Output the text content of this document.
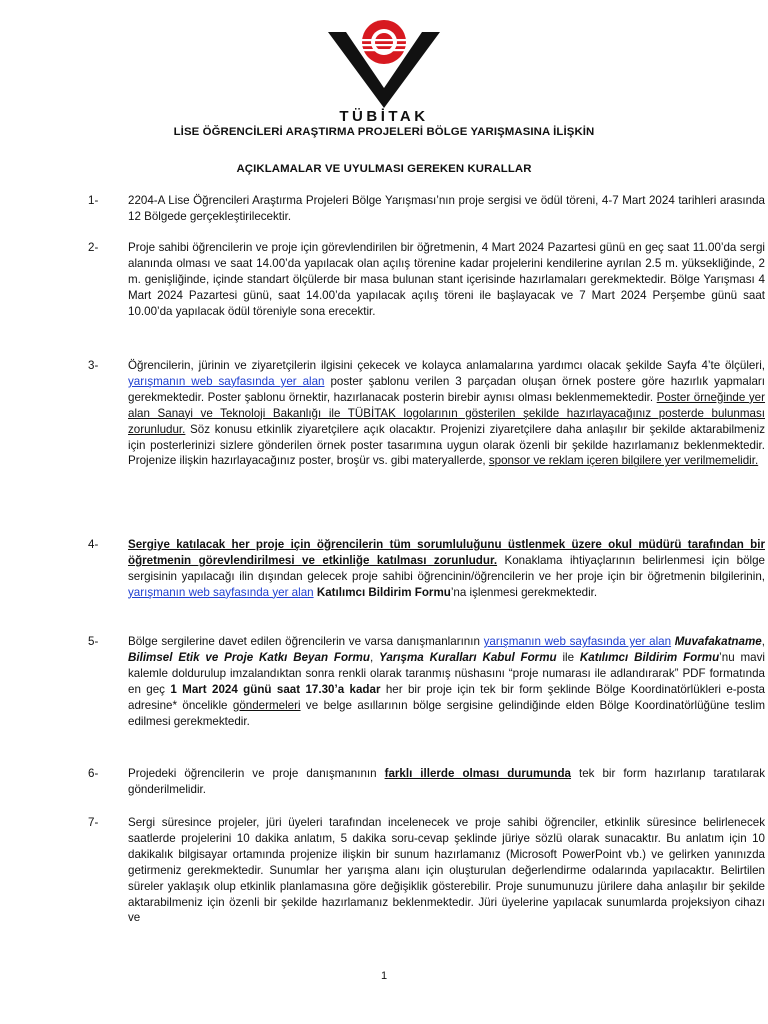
TÜBİTAK
LİSE ÖĞRENCİLERİ ARAŞTIRMA PROJELERİ BÖLGE YARIŞMASINA İLİŞKİN
AÇIKLAMALAR VE UYULMASI GEREKEN KURALLAR
1-	2204-A Lise Öğrencileri Araştırma Projeleri Bölge Yarışması’nın proje sergisi ve ödül töreni, 4-7 Mart 2024 tarihleri arasında 12 Bölgede gerçekleştirilecektir.
2-	Proje sahibi öğrencilerin ve proje için görevlendirilen bir öğretmenin, 4 Mart 2024 Pazartesi günü en geç saat 11.00’da sergi alanında olması ve saat 14.00’da yapılacak olan açılış törenine kadar projelerini kendilerine ayrılan 2.5 m. yüksekliğinde, 2 m. genişliğinde, içinde standart ölçülerde bir masa bulunan stant içerisinde hazırlamaları gerekmektedir. Bölge Yarışması 4 Mart 2024 Pazartesi günü, saat 14.00’da yapılacak açılış töreni ile başlayacak ve 7 Mart 2024 Perşembe günü saat 10.00’da yapılacak ödül töreniyle sona erecektir.
3-	Öğrencilerin, jürinin ve ziyaretçilerin ilgisini çekecek ve kolayca anlamalarına yardımcı olacak şekilde Sayfa 4’te ölçüleri, yarışmanın web sayfasında yer alan poster şablonu verilen 3 parçadan oluşan örnek postere göre hazırlık yapmaları gerekmektedir. Poster şablonu örnektir, hazırlanacak posterin birebir aynısı olması beklenmemektedir. Poster örneğinde yer alan Sanayi ve Teknoloji Bakanlığı ile TÜBİTAK logolarının gösterilen şekilde hazırlayacağınız posterde bulunması zorunludur. Söz konusu etkinlik ziyaretçilere açık olacaktır. Projenizi ziyaretçilere daha anlaşılır bir şekilde aktarabilmeniz için posterlerinizi sizlere gönderilen örnek poster tasarımına uygun olarak özenli bir şekilde hazırlamanız beklenmektedir. Projenize ilişkin hazırlayacağınız poster, broşür vs. gibi materyallerde, sponsor ve reklam içeren bilgilere yer verilmemelidir.
4-	Sergiye katılacak her proje için öğrencilerin tüm sorumluluğunu üstlenmek üzere okul müdürü tarafından bir öğretmenin görevlendirilmesi ve etkinliğe katılması zorunludur. Konaklama ihtiyaçlarının belirlenmesi için bölge sergisinin yapılacağı ilin dışından gelecek proje sahibi öğrencinin/öğrencilerin ve her proje için bir öğretmenin bilgilerinin, yarışmanın web sayfasında yer alan Katılımcı Bildirim Formu’na işlenmesi gerekmektedir.
5-	Bölge sergilerine davet edilen öğrencilerin ve varsa danışmanlarının yarışmanın web sayfasında yer alan Muvafakatname, Bilimsel Etik ve Proje Katkı Beyan Formu, Yarışma Kuralları Kabul Formu ile Katılımcı Bildirim Formu’nu mavi kalemle doldurulup imzalandıktan sonra renkli olarak taranmış nüshasını “proje numarası ile adlandırarak” PDF formatında en geç 1 Mart 2024 günü saat 17.30’a kadar her bir proje için tek bir form şeklinde Bölge Koordinatörlükleri e-posta adresine* öncelikle göndermeleri ve belge asıllarının bölge sergisine gelindiğinde elden Bölge Koordinatörlüğüne teslim edilmesi gerekmektedir.
6-	Projedeki öğrencilerin ve proje danışmanının farklı illerde olması durumunda tek bir form hazırlanıp taratılarak gönderilmelidir.
7-	Sergi süresince projeler, jüri üyeleri tarafından incelenecek ve proje sahibi öğrenciler, etkinlik süresince belirlenecek saatlerde projelerini 10 dakika anlatım, 5 dakika soru-cevap şeklinde jüriye sözlü olarak sunacaktır. Bu anlatım için 10 dakikalık bilgisayar ortamında projenize ilişkin bir sunum hazırlamanız (Microsoft PowerPoint vb.) ve gelirken yanınızda getirmeniz gerekmektedir. Sunumlar her yarışma alanı için oluşturulan değerlendirme odalarında yapılacaktır. Belirtilen süreler yaklaşık olup etkinlik planlamasına göre değişiklik gösterebilir. Proje sunumunuzu jürilere daha anlaşılır bir şekilde aktarabilmeniz için özenli bir şekilde hazırlamanız beklenmektedir. Jüri üyelerine yapılacak sunumlarda projeksiyon cihazı ve
1
